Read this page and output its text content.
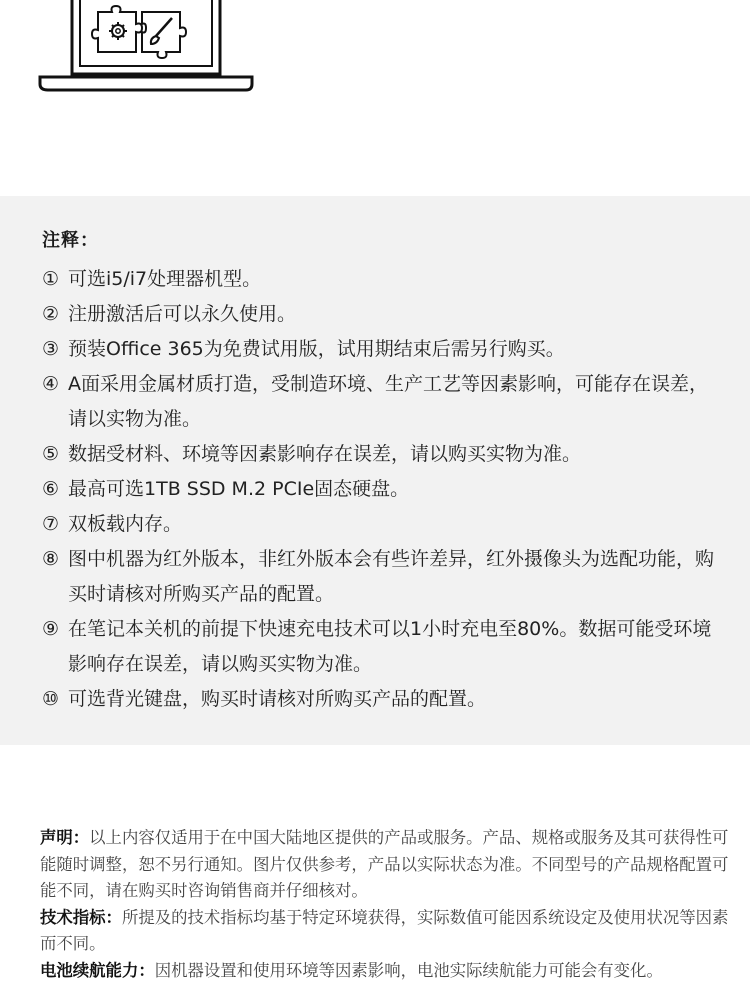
注释：
① 可选i5/i7处理器机型。
② 注册激活后可以永久使用。
③ 预装Office 365为免费试用版，试用期结束后需另行购买。
④ A面采用金属材质打造，受制造环境、生产工艺等因素影响，可能存在误差，请以实物为准。
⑤ 数据受材料、环境等因素影响存在误差，请以购买实物为准。
⑥ 最高可选1TB SSD M.2 PCIe固态硬盘。
⑦ 双板载内存。
⑧ 图中机器为红外版本，非红外版本会有些许差异，红外摄像头为选配功能，购买时请核对所购买产品的配置。
⑨ 在笔记本关机的前提下快速充电技术可以1小时充电至80%。数据可能受环境影响存在误差，请以购买实物为准。
⑩ 可选背光键盘，购买时请核对所购买产品的配置。

声明：以上内容仅适用于在中国大陆地区提供的产品或服务。产品、规格或服务及其可获得性可能随时调整，恕不另行通知。图片仅供参考，产品以实际状态为准。不同型号的产品规格配置可能不同，请在购买时咨询销售商并仔细核对。

技术指标：所提及的技术指标均基于特定环境获得，实际数值可能因系统设定及使用状况等因素而不同。

电池续航能力：因机器设置和使用环境等因素影响，电池实际续航能力可能会有变化。
